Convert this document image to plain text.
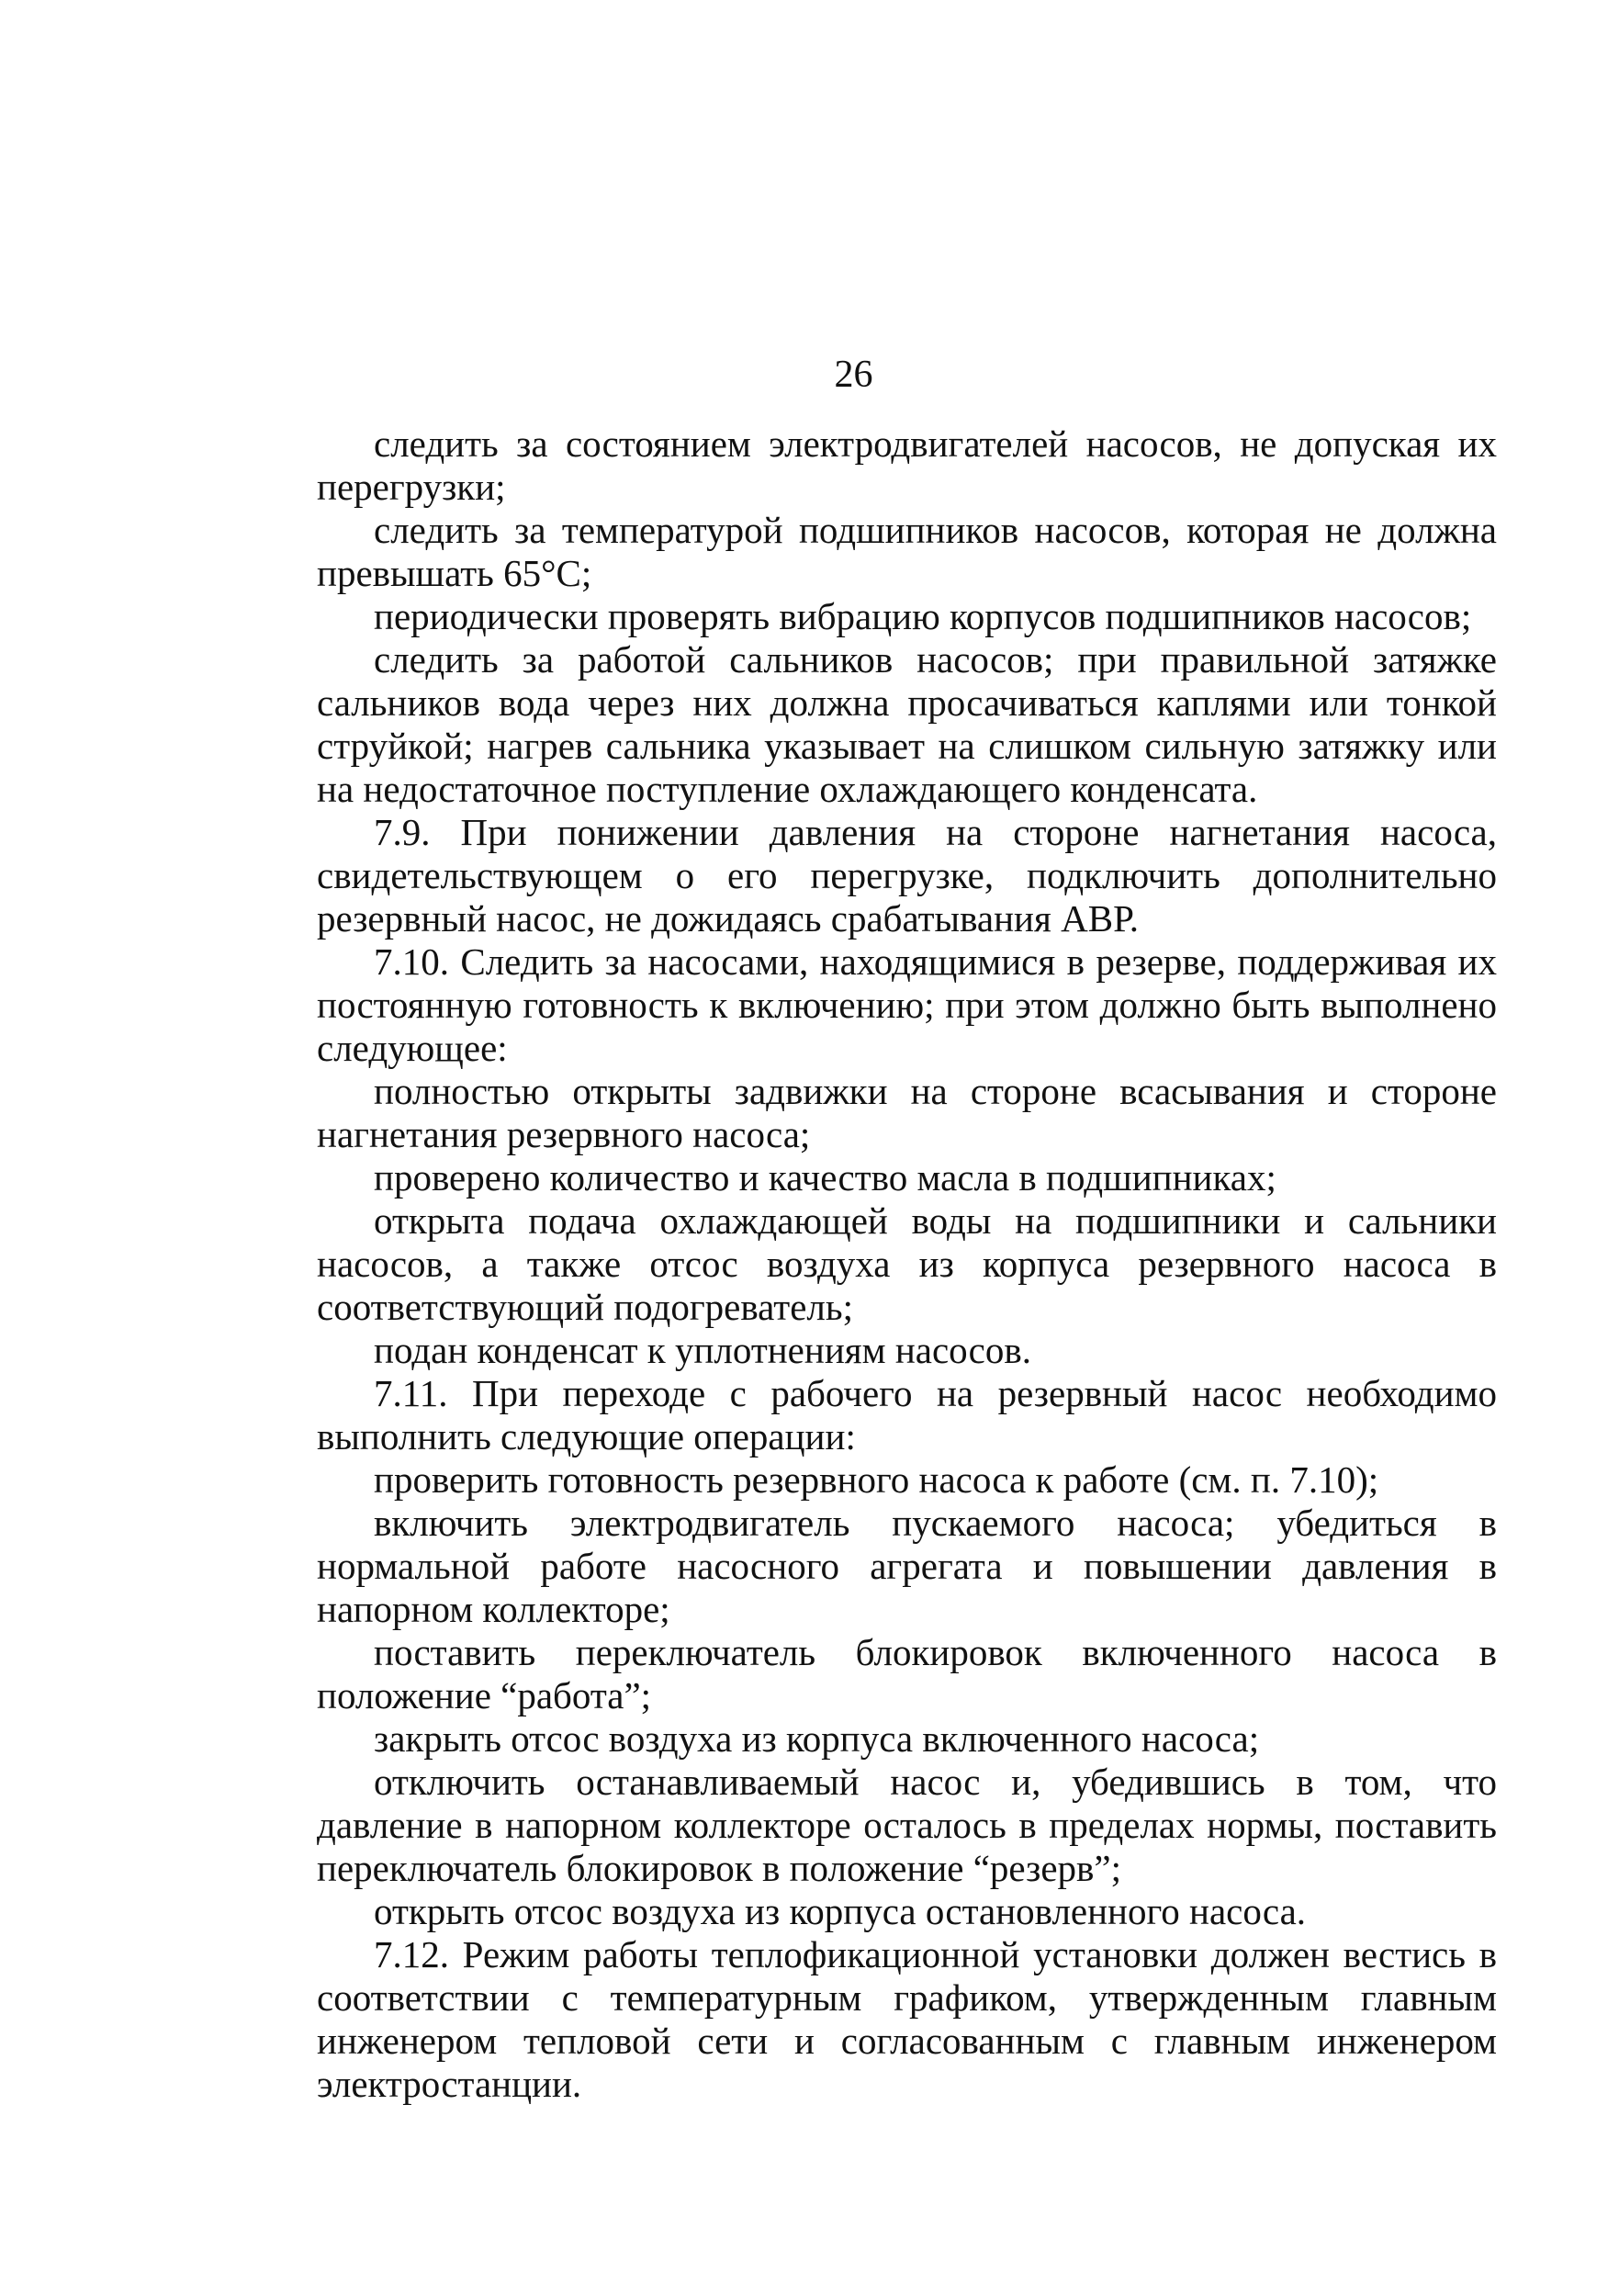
26

следить за состоянием электродвигателей насосов, не допуская их перегрузки;

следить за температурой подшипников насосов, которая не должна превышать 65°С;

периодически проверять вибрацию корпусов подшипников насосов;

следить за работой сальников насосов; при правильной затяжке сальников вода через них должна просачиваться каплями или тонкой струйкой; нагрев сальника указывает на слишком сильную затяжку или на недостаточное поступление охлаждающего конденсата.

7.9. При понижении давления на стороне нагнетания насоса, свидетельствующем о его перегрузке, подключить дополнительно резервный насос, не дожидаясь срабатывания АВР.

7.10. Следить за насосами, находящимися в резерве, поддерживая их постоянную готовность к включению; при этом должно быть выполнено следующее:

полностью открыты задвижки на стороне всасывания и стороне нагнетания резервного насоса;

проверено количество и качество масла в подшипниках;

открыта подача охлаждающей воды на подшипники и сальники насосов, а также отсос воздуха из корпуса резервного насоса в соответствующий подогреватель;

подан конденсат к уплотнениям насосов.

7.11. При переходе с рабочего на резервный насос необходимо выполнить следующие операции:

проверить готовность резервного насоса к работе (см. п. 7.10);

включить электродвигатель пускаемого насоса; убедиться в нормальной работе насосного агрегата и повышении давления в напорном коллекторе;

поставить переключатель блокировок включенного насоса в положение “работа”;

закрыть отсос воздуха из корпуса включенного насоса;

отключить останавливаемый насос и, убедившись в том, что давление в напорном коллекторе осталось в пределах нормы, поставить переключатель блокировок в положение “резерв”;

открыть отсос воздуха из корпуса остановленного насоса.

7.12. Режим работы теплофикационной установки должен вестись в соответствии с температурным графиком, утвержденным главным инженером тепловой сети и согласованным с главным инженером электростанции.
